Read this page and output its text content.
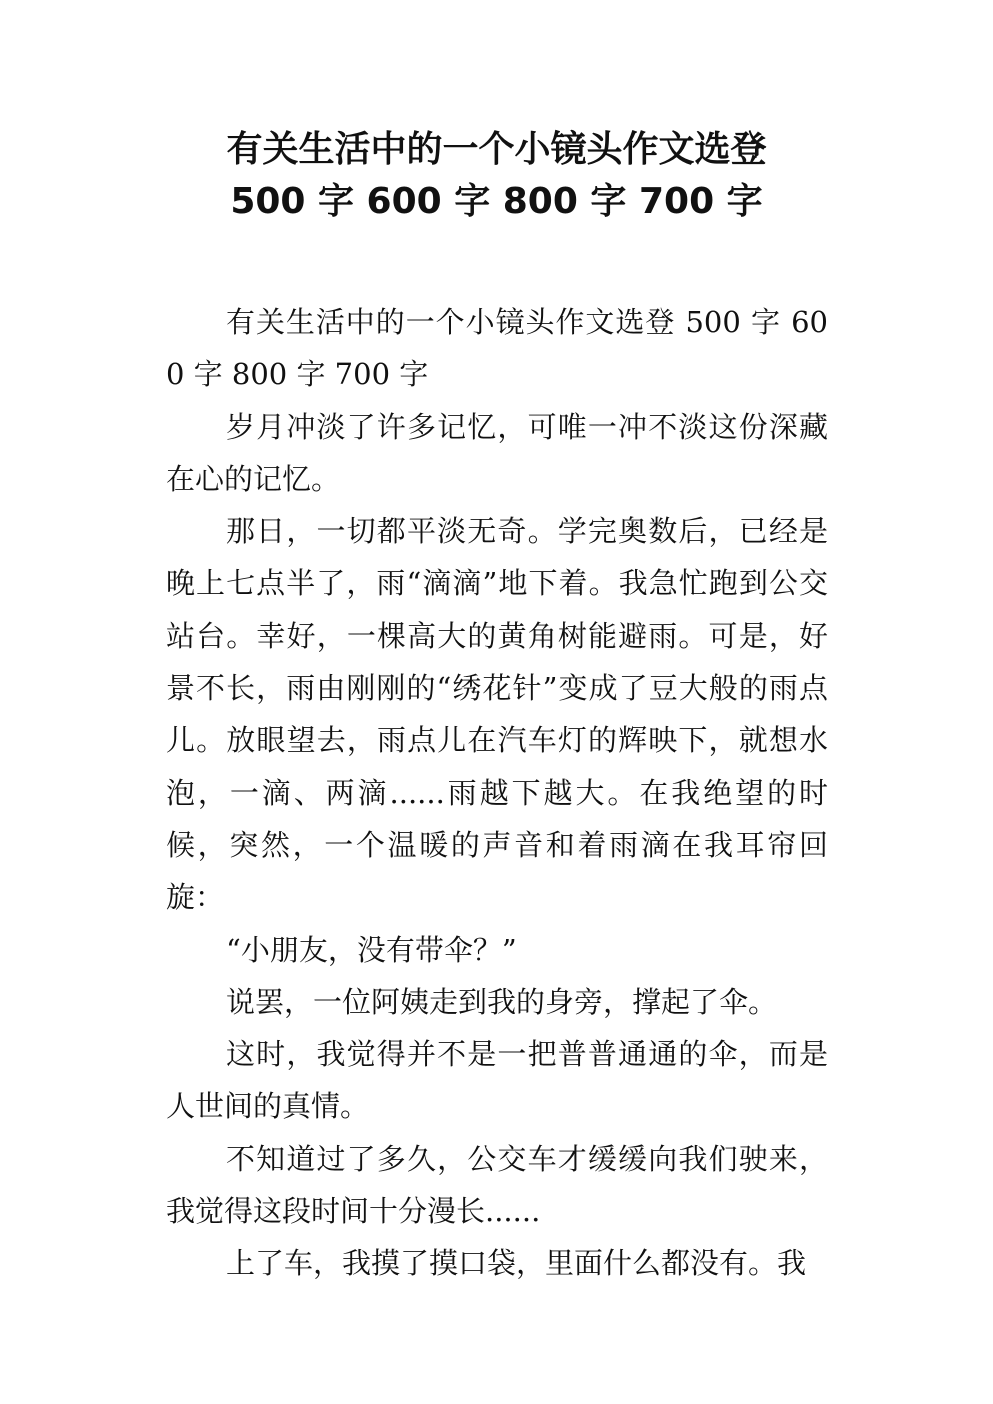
有关生活中的一个小镜头作文选登
500 字 600 字 800 字 700 字

有关生活中的一个小镜头作文选登 500 字 600 字 800 字 700 字

岁月冲淡了许多记忆，可唯一冲不淡这份深藏在心的记忆。

那日，一切都平淡无奇。学完奥数后，已经是晚上七点半了，雨“滴滴”地下着。我急忙跑到公交站台。幸好，一棵高大的黄角树能避雨。可是，好景不长，雨由刚刚的“绣花针”变成了豆大般的雨点儿。放眼望去，雨点儿在汽车灯的辉映下，就想水泡，一滴、两滴......雨越下越大。在我绝望的时候，突然，一个温暖的声音和着雨滴在我耳帘回旋：

“小朋友，没有带伞？”

说罢，一位阿姨走到我的身旁，撑起了伞。

这时，我觉得并不是一把普普通通的伞，而是人世间的真情。

不知道过了多久，公交车才缓缓向我们驶来，我觉得这段时间十分漫长......

上了车，我摸了摸口袋，里面什么都没有。我
